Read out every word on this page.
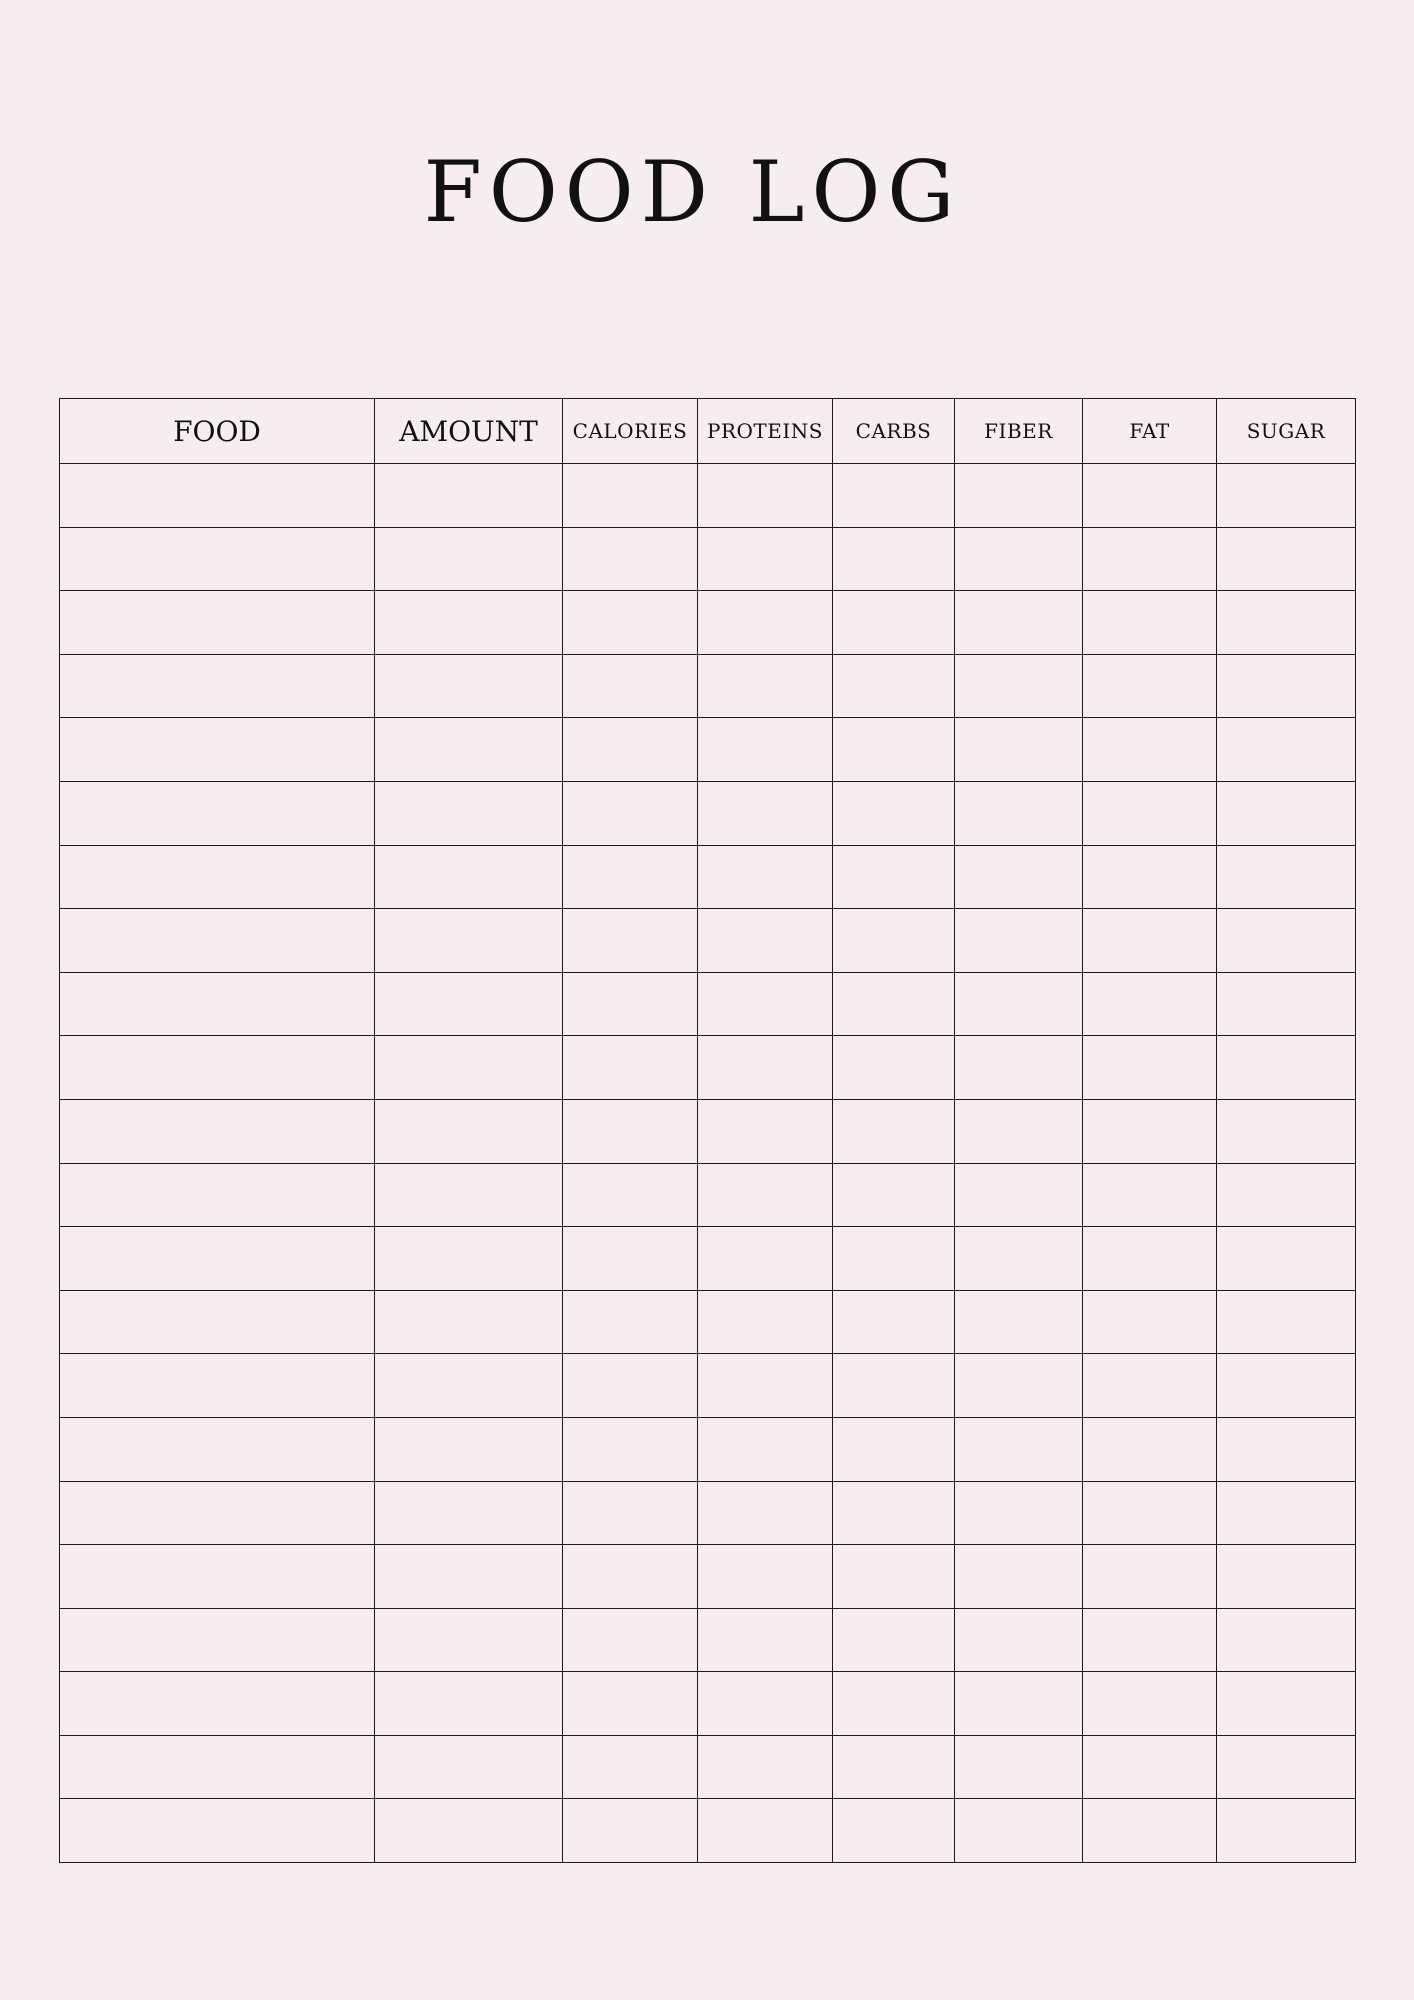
FOOD LOG
FOOD	AMOUNT	CALORIES	PROTEINS	CARBS	FIBER	FAT	SUGAR
